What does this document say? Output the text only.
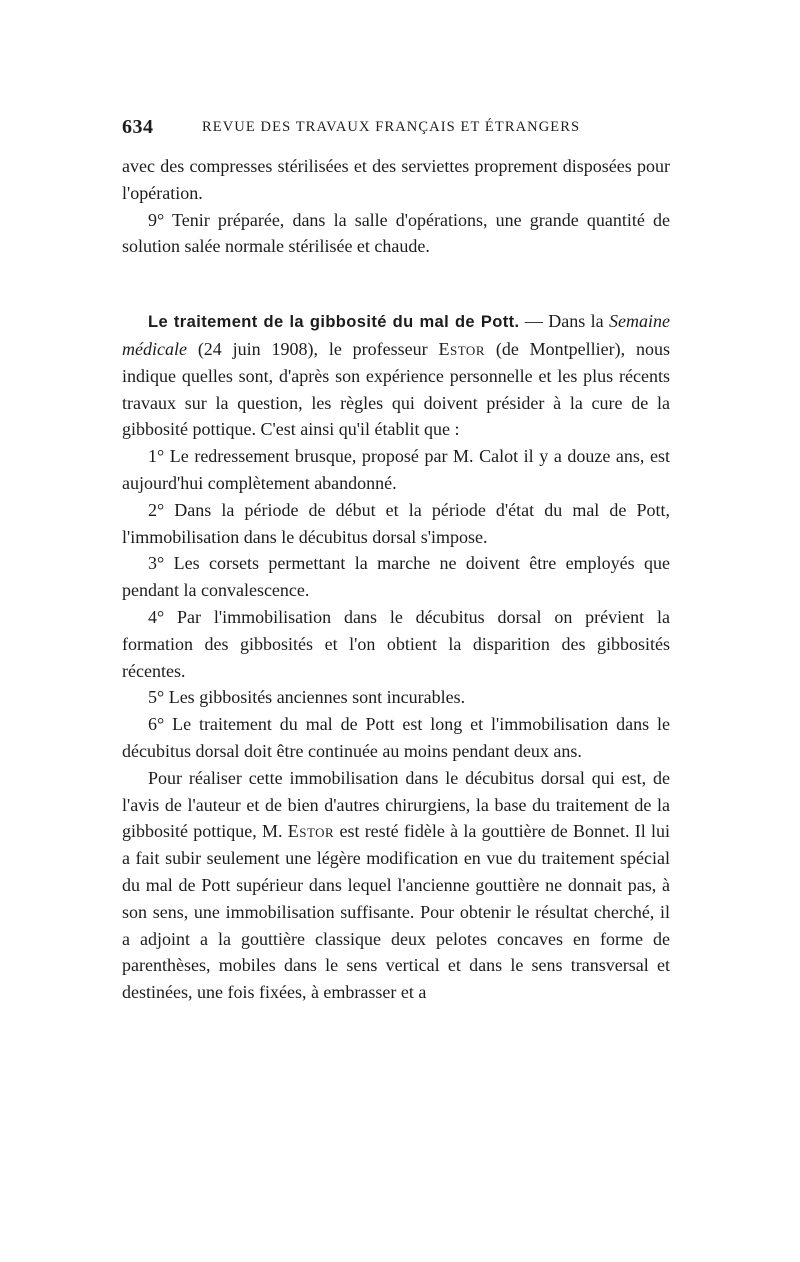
634	REVUE DES TRAVAUX FRANÇAIS ET ÉTRANGERS

avec des compresses stérilisées et des serviettes proprement disposées pour l'opération.

9° Tenir préparée, dans la salle d'opérations, une grande quantité de solution salée normale stérilisée et chaude.

Le traitement de la gibbosité du mal de Pott. — Dans la Semaine médicale (24 juin 1908), le professeur Estor (de Montpellier), nous indique quelles sont, d'après son expérience personnelle et les plus récents travaux sur la question, les règles qui doivent présider à la cure de la gibbosité pottique. C'est ainsi qu'il établit que :

1° Le redressement brusque, proposé par M. Calot il y a douze ans, est aujourd'hui complètement abandonné.

2° Dans la période de début et la période d'état du mal de Pott, l'immobilisation dans le décubitus dorsal s'impose.

3° Les corsets permettant la marche ne doivent être employés que pendant la convalescence.

4° Par l'immobilisation dans le décubitus dorsal on prévient la formation des gibbosités et l'on obtient la disparition des gibbosités récentes.

5° Les gibbosités anciennes sont incurables.

6° Le traitement du mal de Pott est long et l'immobilisation dans le décubitus dorsal doit être continuée au moins pendant deux ans.

Pour réaliser cette immobilisation dans le décubitus dorsal qui est, de l'avis de l'auteur et de bien d'autres chirurgiens, la base du traitement de la gibbosité pottique, M. Estor est resté fidèle à la gouttière de Bonnet. Il lui a fait subir seulement une légère modification en vue du traitement spécial du mal de Pott supérieur dans lequel l'ancienne gouttière ne donnait pas, à son sens, une immobilisation suffisante. Pour obtenir le résultat cherché, il a adjoint a la gouttière classique deux pelotes concaves en forme de parenthèses, mobiles dans le sens vertical et dans le sens transversal et destinées, une fois fixées, à embrasser et a
